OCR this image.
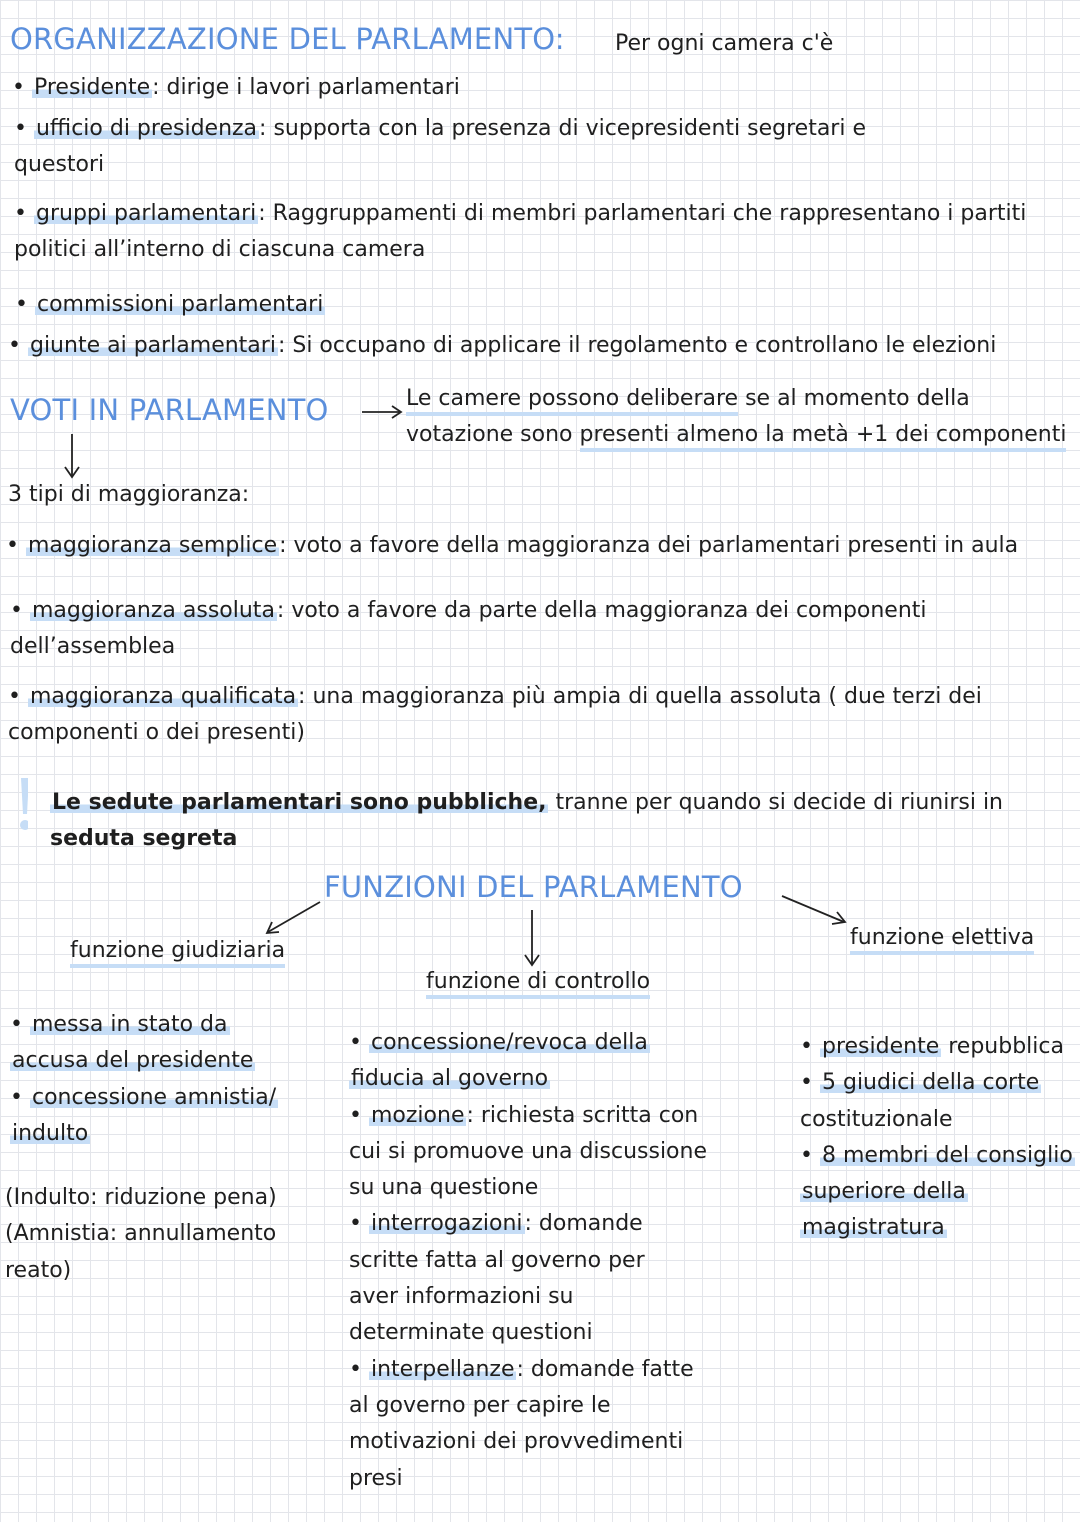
ORGANIZZAZIONE DEL PARLAMENTO: Per ogni camera c'è
• Presidente: dirige i lavori parlamentari
• ufficio di presidenza: supporta con la presenza di vicepresidenti segretari e
questori
• gruppi parlamentari: Raggruppamenti di membri parlamentari che rappresentano i partiti
politici all’interno di ciascuna camera
• commissioni parlamentari
• giunte ai parlamentari: Si occupano di applicare il regolamento e controllano le elezioni
VOTI IN PARLAMENTO	Le camere possono deliberare se al momento della
votazione sono presenti almeno la metà +1 dei componenti
3 tipi di maggioranza:
• maggioranza semplice: voto a favore della maggioranza dei parlamentari presenti in aula
• maggioranza assoluta: voto a favore da parte della maggioranza dei componenti
dell’assemblea
• maggioranza qualificata: una maggioranza più ampia di quella assoluta ( due terzi dei
componenti o dei presenti)
Le sedute parlamentari sono pubbliche, tranne per quando si decide di riunirsi in
seduta segreta
FUNZIONI DEL PARLAMENTO
funzione giudiziaria
funzione di controllo
funzione elettiva
• messa in stato da
accusa del presidente
• concessione amnistia/
indulto
(Indulto: riduzione pena)
(Amnistia: annullamento
reato)
• concessione/revoca della
fiducia al governo
• mozione: richiesta scritta con
cui si promuove una discussione
su una questione
• interrogazioni: domande
scritte fatta al governo per
aver informazioni su
determinate questioni
• interpellanze: domande fatte
al governo per capire le
motivazioni dei provvedimenti
presi
• presidente repubblica
• 5 giudici della corte
costituzionale
• 8 membri del consiglio
superiore della
magistratura
